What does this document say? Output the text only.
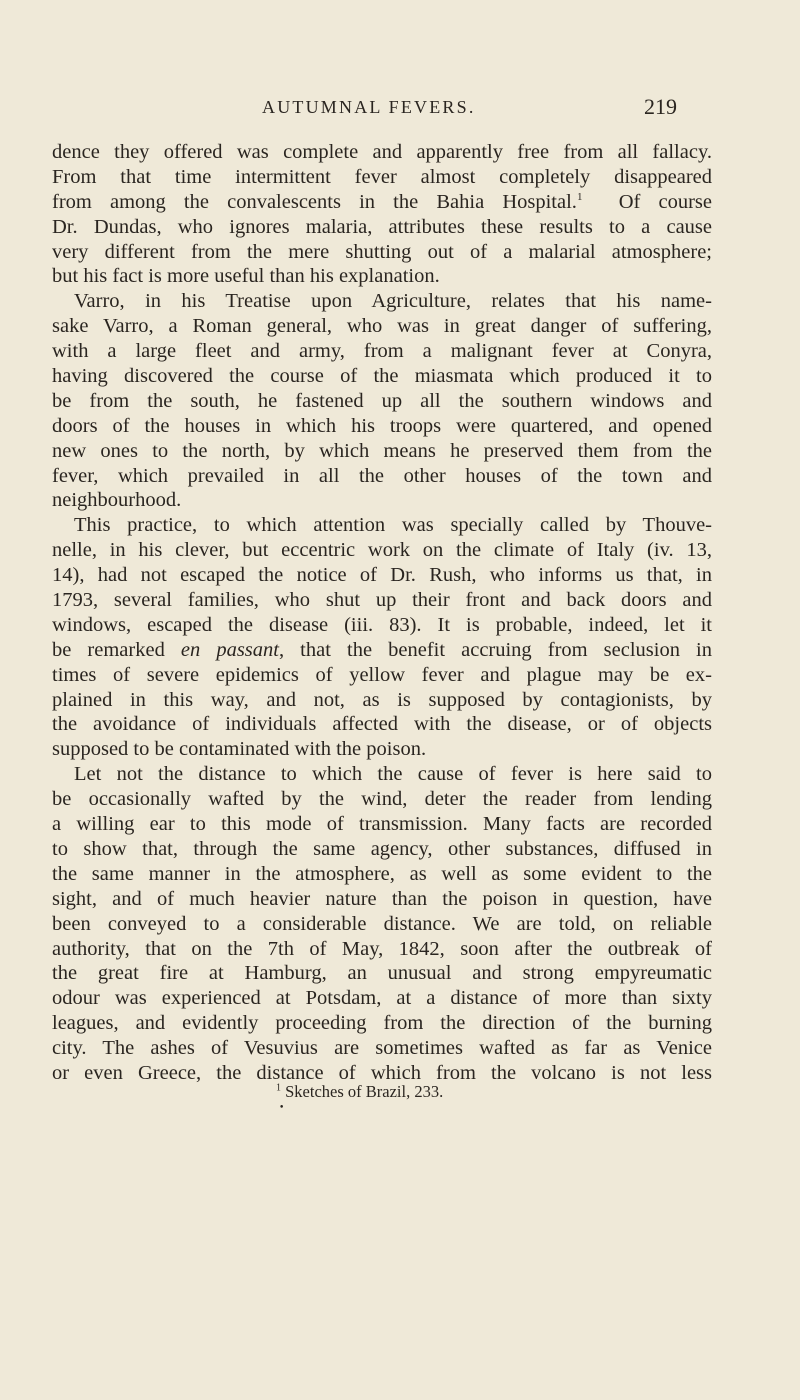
AUTUMNAL FEVERS.	219
dence they offered was complete and apparently free from all fallacy.
From that time intermittent fever almost completely disappeared
from among the convalescents in the Bahia Hospital.$^1$ Of course
Dr. Dundas, who ignores malaria, attributes these results to a cause
very different from the mere shutting out of a malarial atmosphere;
but his fact is more useful than his explanation.
Varro, in his Treatise upon Agriculture, relates that his name-
sake Varro, a Roman general, who was in great danger of suffering,
with a large fleet and army, from a malignant fever at Conyra,
having discovered the course of the miasmata which produced it to
be from the south, he fastened up all the southern windows and
doors of the houses in which his troops were quartered, and opened
new ones to the north, by which means he preserved them from the
fever, which prevailed in all the other houses of the town and
neighbourhood.
This practice, to which attention was specially called by Thouve-
nelle, in his clever, but eccentric work on the climate of Italy (iv. 13,
14), had not escaped the notice of Dr. Rush, who informs us that, in
1793, several families, who shut up their front and back doors and
windows, escaped the disease (iii. 83). It is probable, indeed, let it
be remarked en passant, that the benefit accruing from seclusion in
times of severe epidemics of yellow fever and plague may be ex-
plained in this way, and not, as is supposed by contagionists, by
the avoidance of individuals affected with the disease, or of objects
supposed to be contaminated with the poison.
Let not the distance to which the cause of fever is here said to
be occasionally wafted by the wind, deter the reader from lending
a willing ear to this mode of transmission. Many facts are recorded
to show that, through the same agency, other substances, diffused in
the same manner in the atmosphere, as well as some evident to the
sight, and of much heavier nature than the poison in question, have
been conveyed to a considerable distance. We are told, on reliable
authority, that on the 7th of May, 1842, soon after the outbreak of
the great fire at Hamburg, an unusual and strong empyreumatic
odour was experienced at Potsdam, at a distance of more than sixty
leagues, and evidently proceeding from the direction of the burning
city. The ashes of Vesuvius are sometimes wafted as far as Venice
or even Greece, the distance of which from the volcano is not less
$^1$ Sketches of Brazil, 233.
•
